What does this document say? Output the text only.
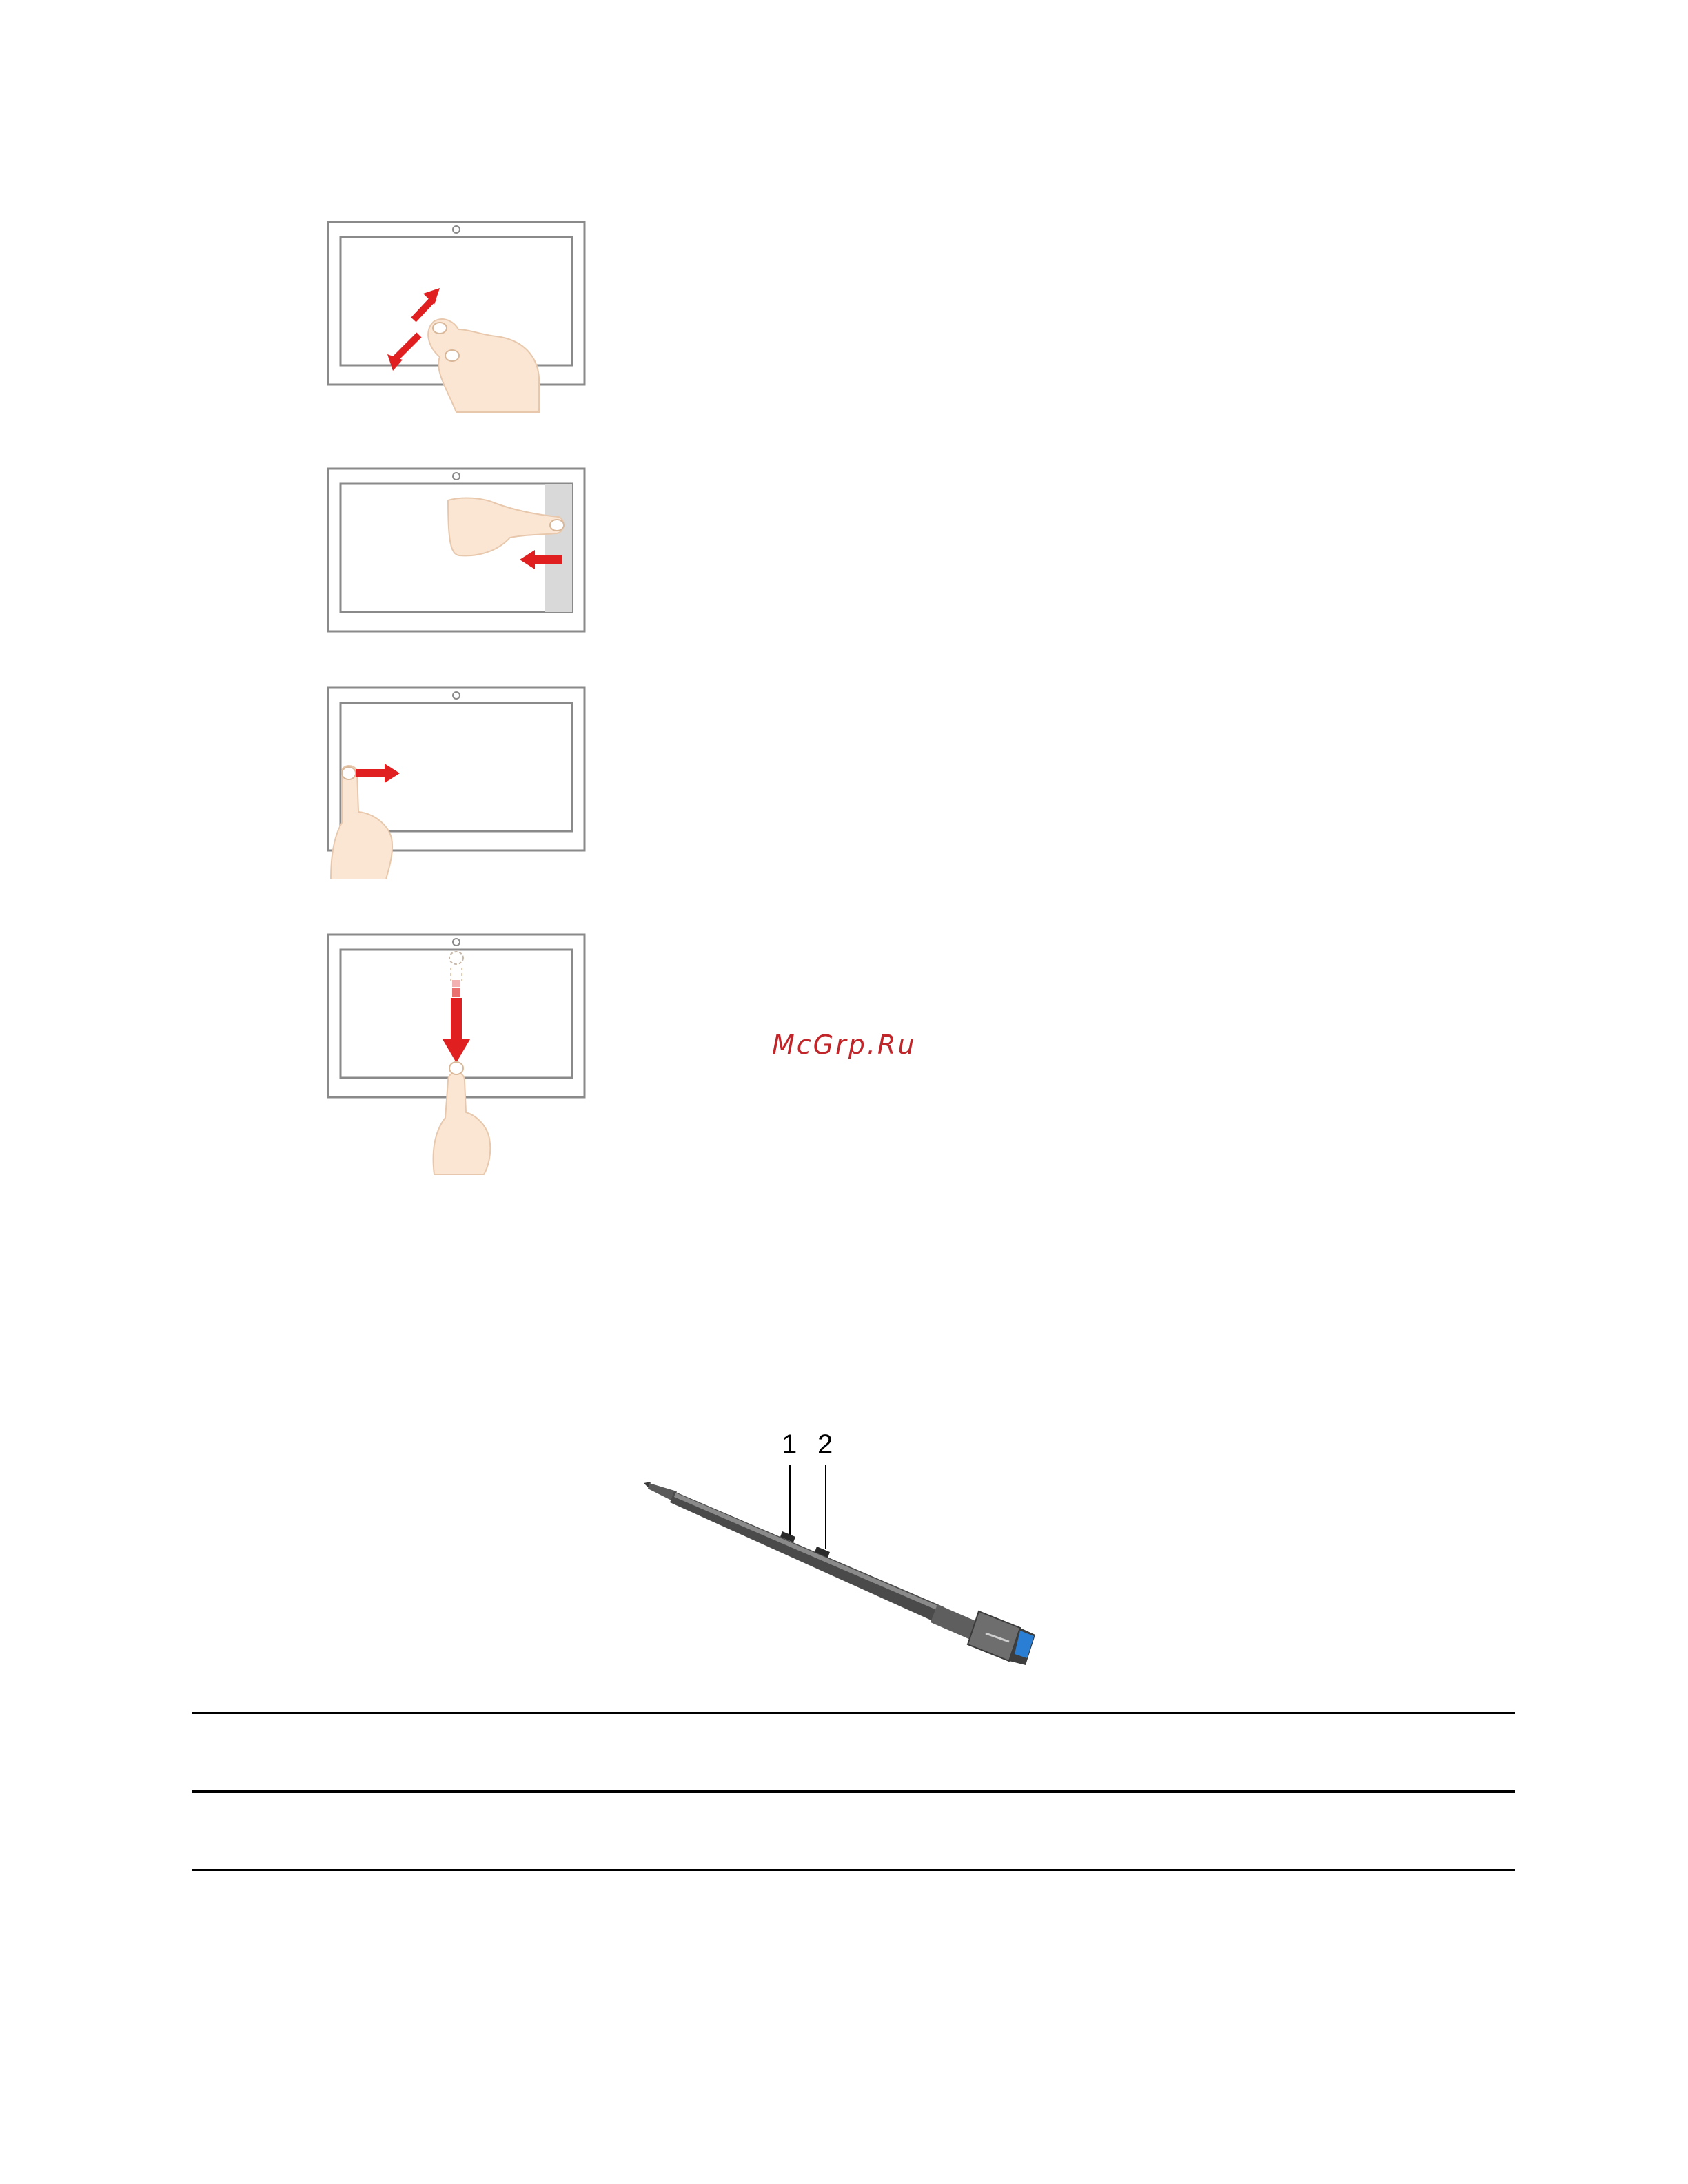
McGrp.Ru
1 2
